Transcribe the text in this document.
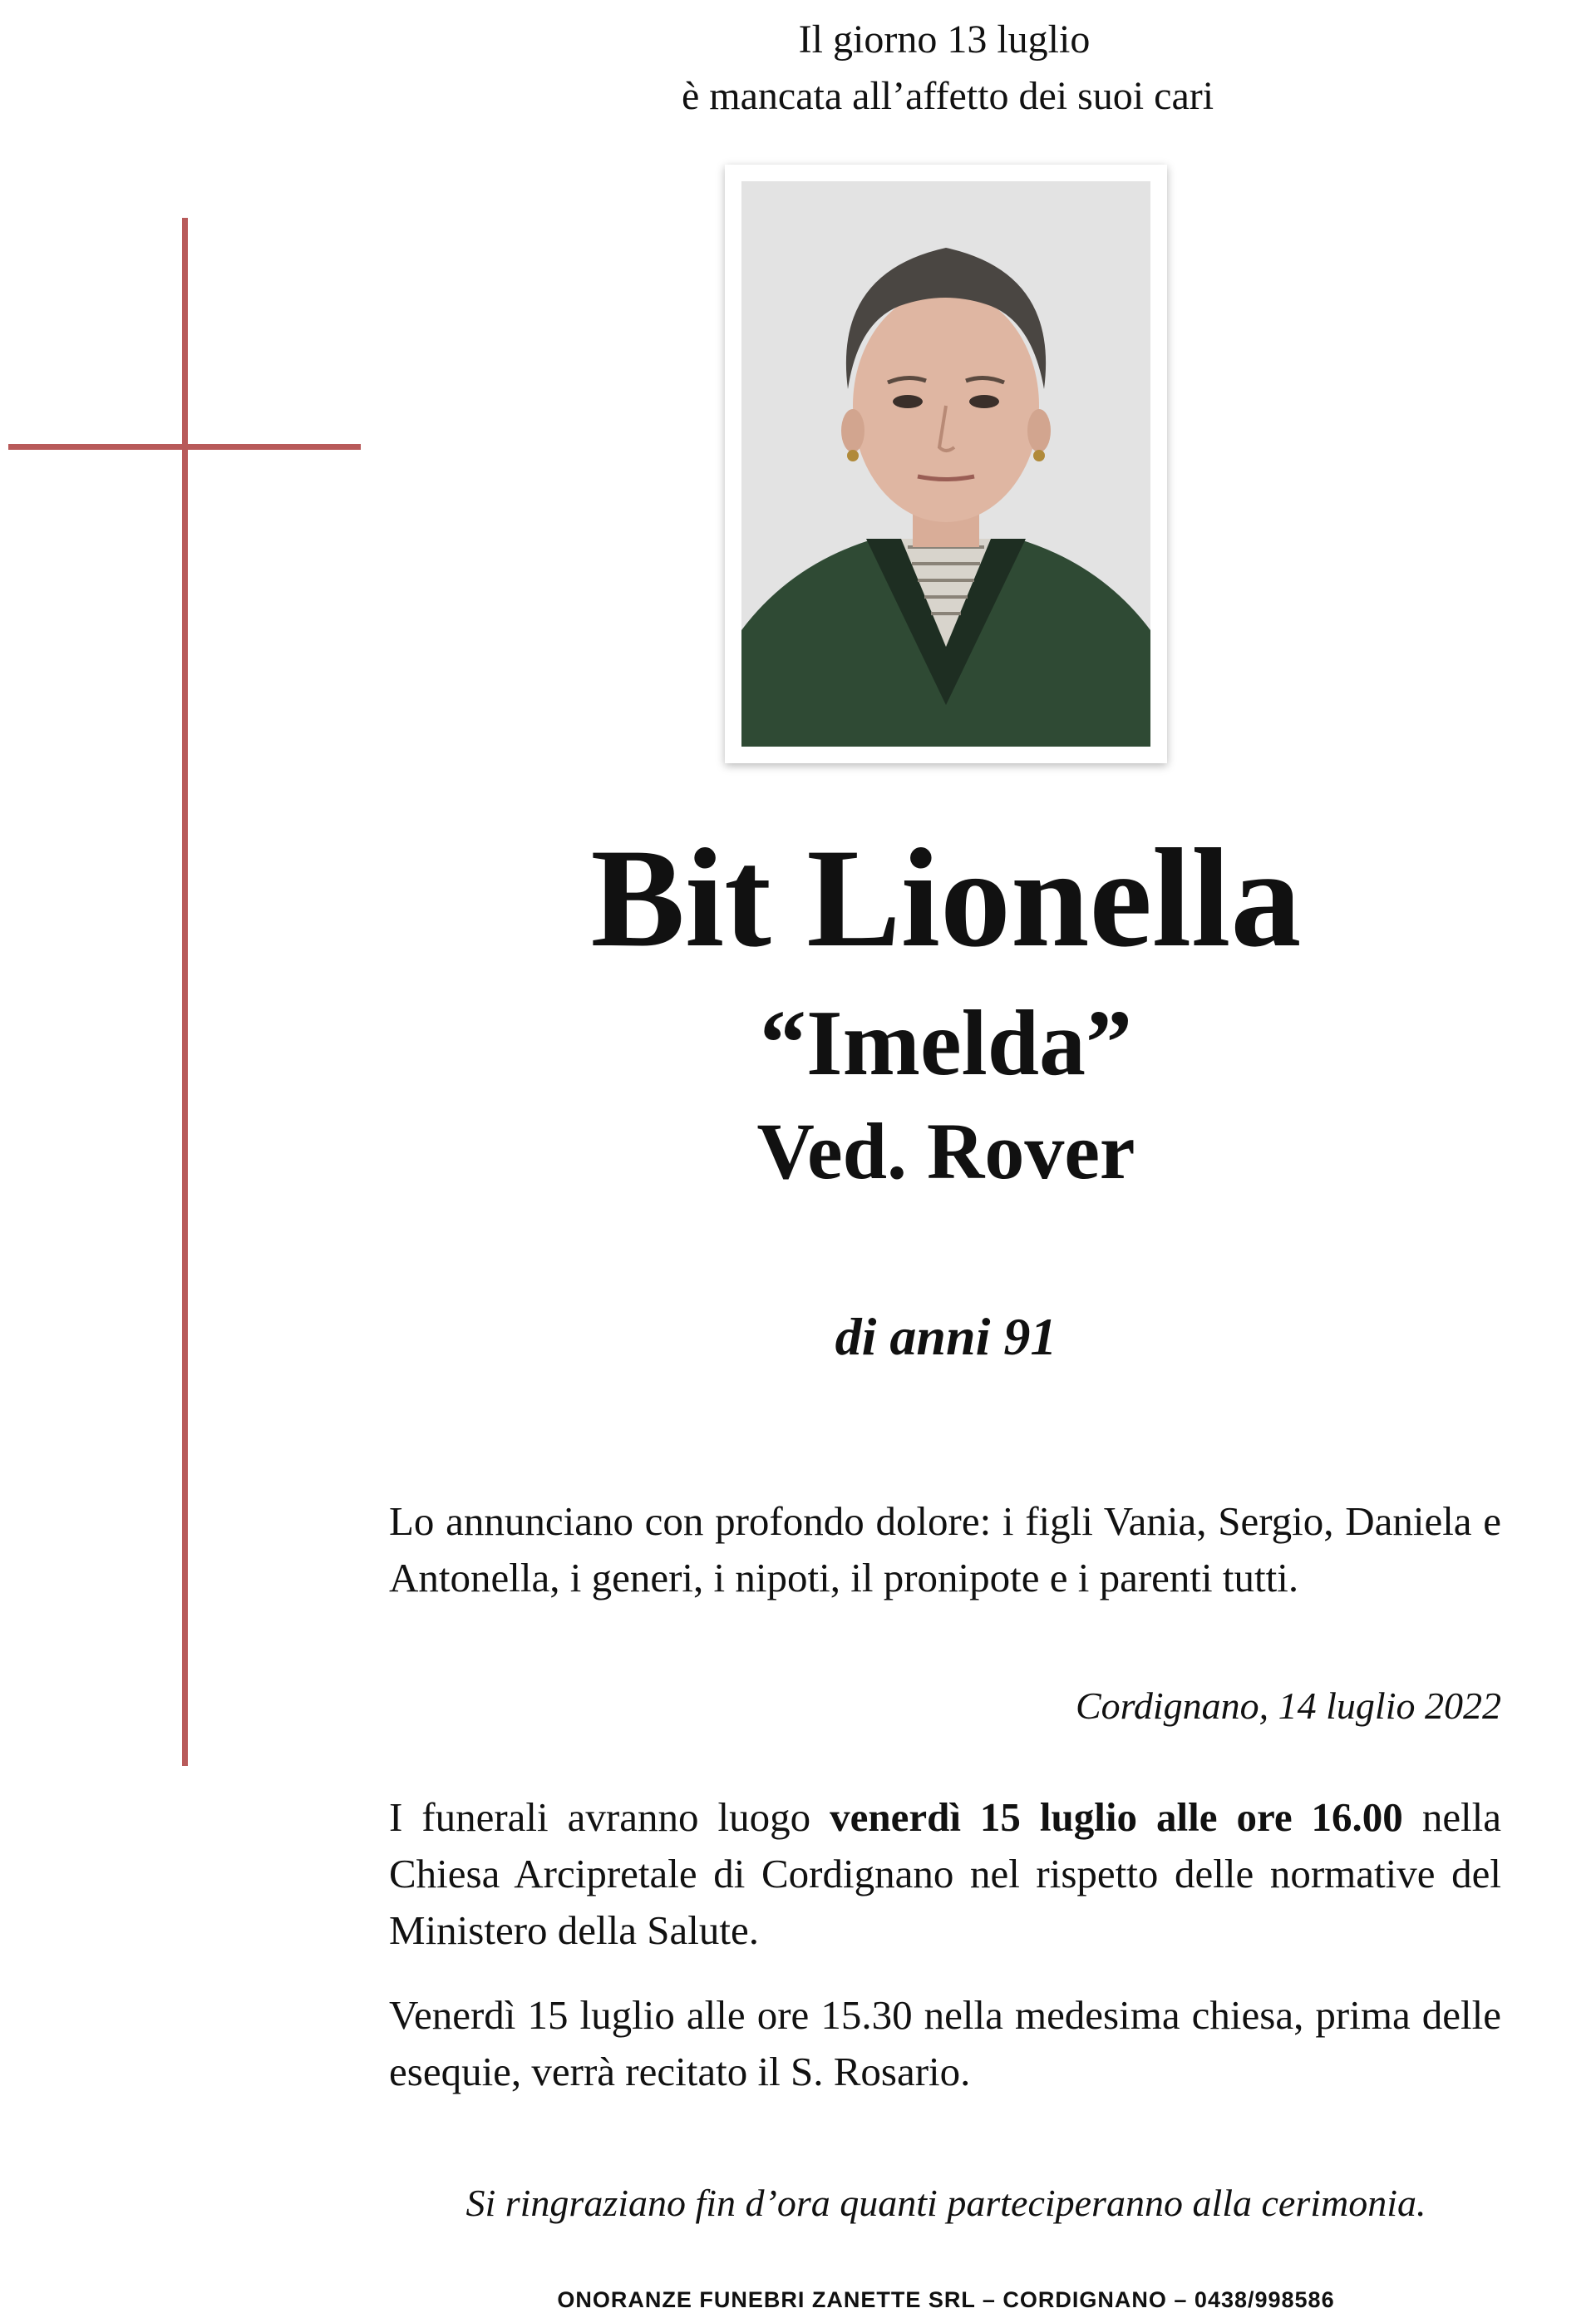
Il giorno 13 luglio
è mancata all’affetto dei suoi cari
Bit Lionella
“Imelda”
Ved. Rover
di anni 91
Lo annunciano con profondo dolore: i figli Vania, Sergio, Daniela e Antonella, i generi, i nipoti, il pronipote e i parenti tutti.
Cordignano, 14 luglio 2022
I funerali avranno luogo venerdì 15 luglio alle ore 16.00 nella Chiesa Arcipretale di Cordignano nel rispetto delle normative del Ministero della Salute.
Venerdì 15 luglio alle ore 15.30 nella medesima chiesa, prima delle esequie, verrà recitato il S. Rosario.
Si ringraziano fin d’ora quanti parteciperanno alla cerimonia.
ONORANZE FUNEBRI ZANETTE SRL – CORDIGNANO – 0438/998586
